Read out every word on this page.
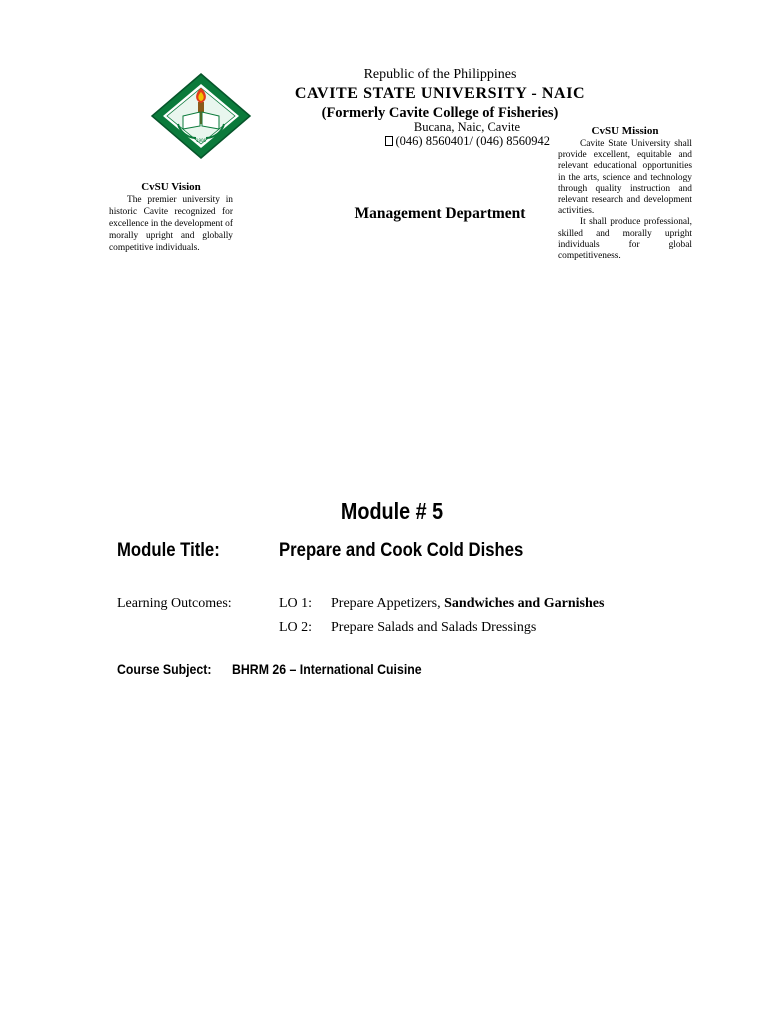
1906
Republic of the Philippines
CAVITE STATE UNIVERSITY - NAIC
(Formerly Cavite College of Fisheries)
Bucana, Naic, Cavite
(046) 8560401/ (046) 8560942
CvSU Vision

The premier university in historic Cavite recognized for excellence in the development of morally upright and globally competitive individuals.

Management Department
CvSU Mission

Cavite State University shall provide excellent, equitable and relevant educational opportunities in the arts, science and technology through quality instruction and relevant research and development activities.

It shall produce professional, skilled and morally upright individuals for global competitiveness.

Module # 5
Module Title:	Prepare and Cook Cold Dishes
Learning Outcomes:	LO 1: Prepare Appetizers, Sandwiches and Garnishes
LO 2: Prepare Salads and Salads Dressings
Course Subject: BHRM 26 – International Cuisine
